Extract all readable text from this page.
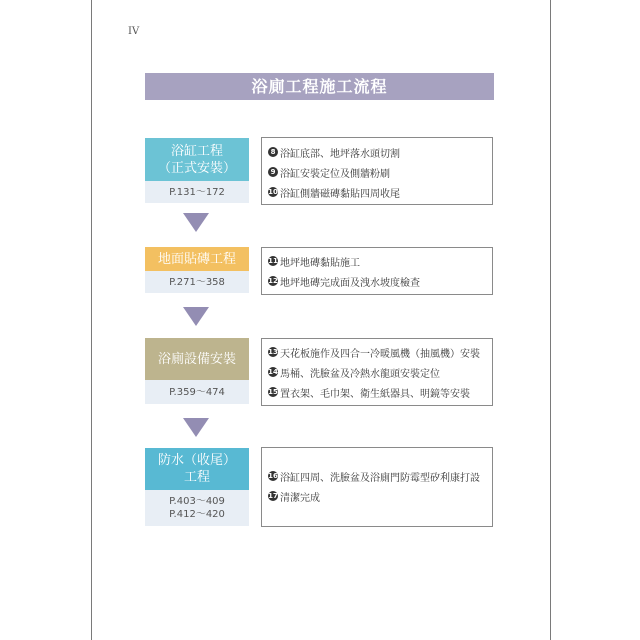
IV
浴廁工程施工流程
浴缸工程
（正式安裝）
P.131～172
8 浴缸底部、地坪落水頭切割
9 浴缸安裝定位及側牆粉刷
10 浴缸側牆磁磚黏貼四周收尾
地面貼磚工程
P.271～358
11 地坪地磚黏貼施工
12 地坪地磚完成面及洩水坡度檢查
浴廁設備安裝
P.359～474
13 天花板施作及四合一冷暖風機（抽風機）安裝
14 馬桶、洗臉盆及冷熱水龍頭安裝定位
15 置衣架、毛巾架、衛生紙器具、明鏡等安裝
防水（收尾）
工程
P.403～409
P.412～420
16 浴缸四周、洗臉盆及浴廁門防霉型矽利康打設
17 清潔完成
